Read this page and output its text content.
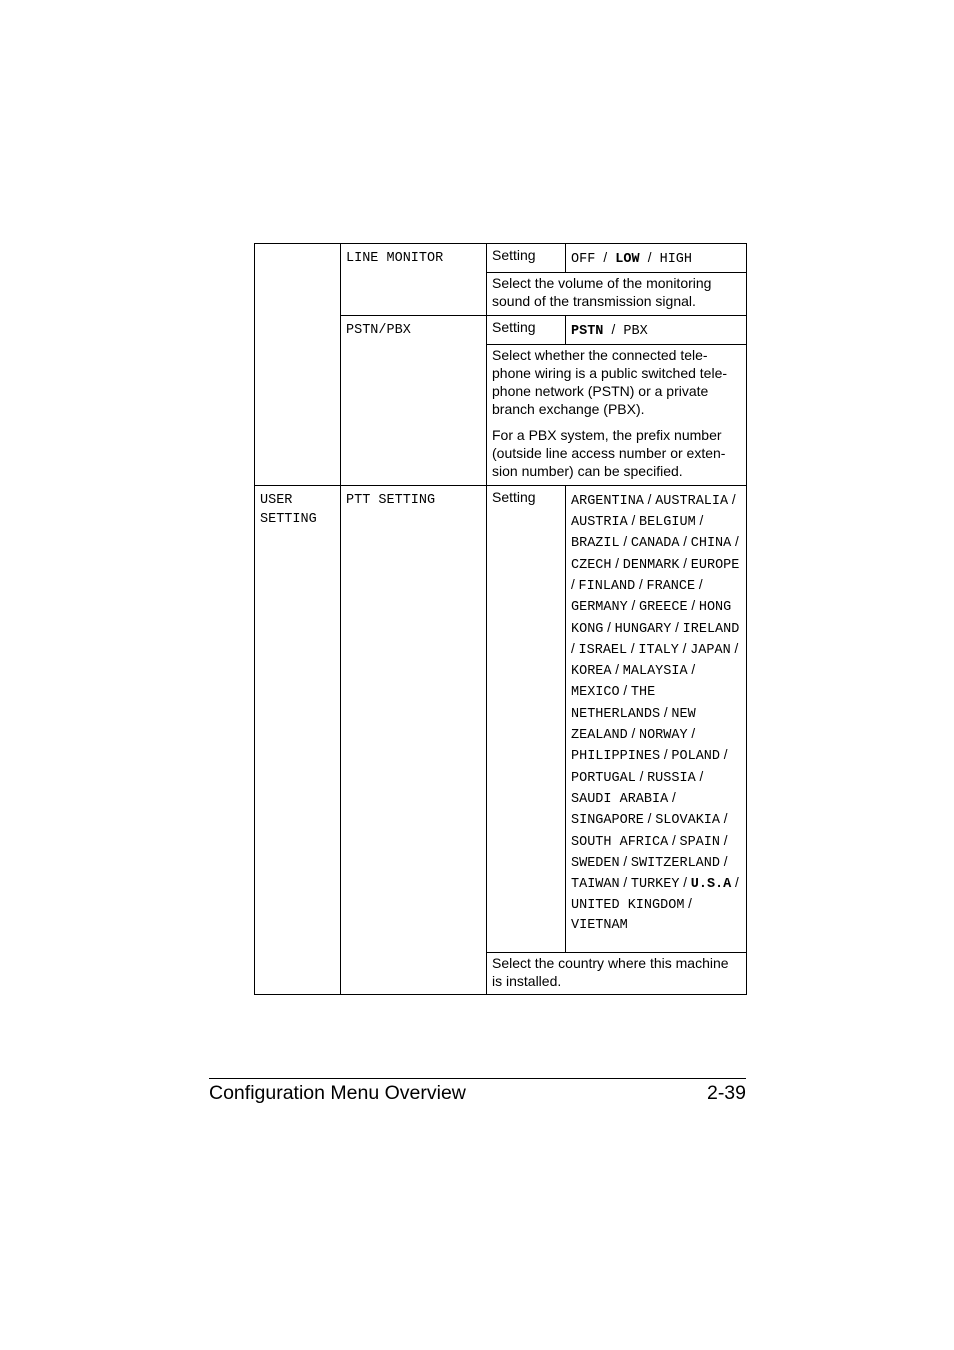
	LINE MONITOR	Setting	OFF / LOW / HIGH
		Select the volume of the monitoring sound of the transmission signal.	
	PSTN/PBX	Setting	PSTN / PBX

		Select whether the connected tele-phone wiring is a public switched tele-phone network (PSTN) or a private branch exchange (PBX).

For a PBX system, the prefix number (outside line access number or exten-sion number) can be specified.	

USER SETTING	PTT SETTING	Setting	ARGENTINA / AUSTRALIA / AUSTRIA / BELGIUM / BRAZIL / CANADA / CHINA / CZECH / DENMARK / EUROPE / FINLAND / FRANCE / GERMANY / GREECE / HONG KONG / HUNGARY / IRELAND / ISRAEL / ITALY / JAPAN / KOREA / MALAYSIA / MEXICO / THE NETHERLANDS / NEW ZEALAND / NORWAY / PHILIPPINES / POLAND / PORTUGAL / RUSSIA / SAUDI ARABIA / SINGAPORE / SLOVAKIA / SOUTH AFRICA / SPAIN / SWEDEN / SWITZERLAND / TAIWAN / TURKEY / U.S.A / UNITED KINGDOM / VIETNAM
		Select the country where this machine is installed.	
Configuration Menu Overview	2-39
